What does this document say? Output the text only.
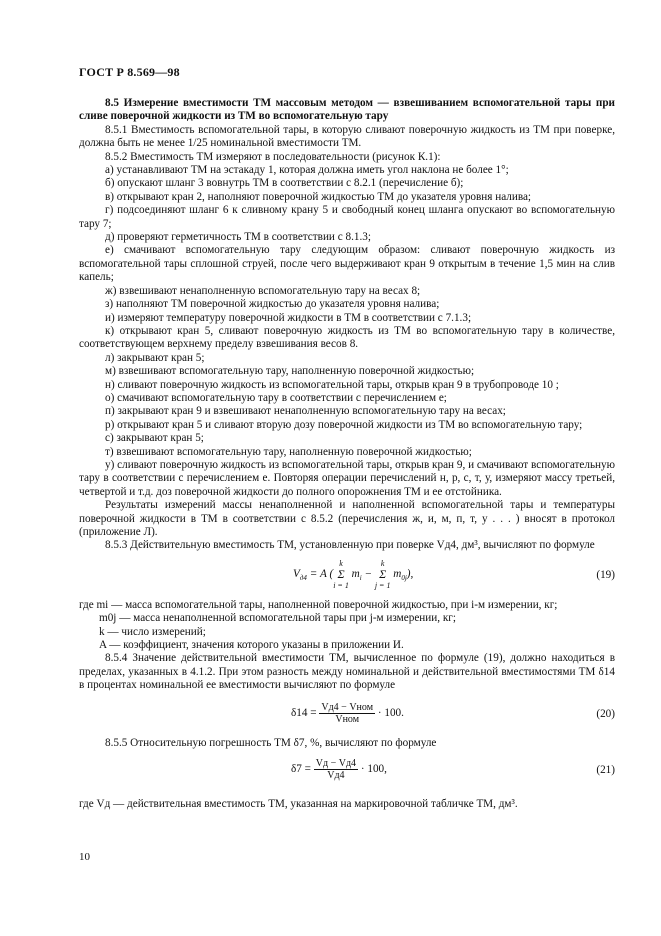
ГОСТ Р 8.569—98

8.5 Измерение вместимости ТМ массовым методом — взвешиванием вспомогательной тары при сливе поверочной жидкости из ТМ во вспомогательную тару

8.5.1 Вместимость вспомогательной тары, в которую сливают поверочную жидкость из ТМ при поверке, должна быть не менее 1/25 номинальной вместимости ТМ.

8.5.2 Вместимость ТМ измеряют в последовательности (рисунок К.1):

а) устанавливают ТМ на эстакаду 1, которая должна иметь угол наклона не более 1°;

б) опускают шланг 3 вовнутрь ТМ в соответствии с 8.2.1 (перечисление б);

в) открывают кран 2, наполняют поверочной жидкостью ТМ до указателя уровня налива;

г) подсоединяют шланг 6 к сливному крану 5 и свободный конец шланга опускают во вспомогательную тару 7;

д) проверяют герметичность ТМ в соответствии с 8.1.3;

е) смачивают вспомогательную тару следующим образом: сливают поверочную жидкость из вспомогательной тары сплошной струей, после чего выдерживают кран 9 открытым в течение 1,5 мин на слив капель;

ж) взвешивают ненаполненную вспомогательную тару на весах 8;

з) наполняют ТМ поверочной жидкостью до указателя уровня налива;

и) измеряют температуру поверочной жидкости в ТМ в соответствии с 7.1.3;

к) открывают кран 5, сливают поверочную жидкость из ТМ во вспомогательную тару в количестве, соответствующем верхнему пределу взвешивания весов 8.

л) закрывают кран 5;

м) взвешивают вспомогательную тару, наполненную поверочной жидкостью;

н) сливают поверочную жидкость из вспомогательной тары, открыв кран 9 в трубопроводе 10 ;

о) смачивают вспомогательную тару в соответствии с перечислением е;

п) закрывают кран 9 и взвешивают ненаполненную вспомогательную тару на весах;

р) открывают кран 5 и сливают вторую дозу поверочной жидкости из ТМ во вспомогательную тару;

с) закрывают кран 5;

т) взвешивают вспомогательную тару, наполненную поверочной жидкостью;

у) сливают поверочную жидкость из вспомогательной тары, открыв кран 9, и смачивают вспомогательную тару в соответствии с перечислением е. Повторяя операции перечислений н, р, с, т, у, измеряют массу третьей, четвертой и т.д. доз поверочной жидкости до полного опорожнения ТМ и ее отстойника.

Результаты измерений массы ненаполненной и наполненной вспомогательной тары и температуры поверочной жидкости в ТМ в соответствии с 8.5.2 (перечисления ж, и, м, п, т, у . . . ) вносят в протокол (приложение Л).

8.5.3 Действительную вместимость ТМ, установленную при поверке Vд4, дм³, вычисляют по формуле

$V_{д4} = A$ (
k
Σ
i = 1
$m_i$ −
k
Σ
j = 1
$m_{0j}$),	(19)

где mi — масса вспомогательной тары, наполненной поверочной жидкостью, при i-м измерении, кг;

m0j — масса ненаполненной вспомогательной тары при j-м измерении, кг;

k — число измерений;

A — коэффициент, значения которого указаны в приложении И.

8.5.4 Значение действительной вместимости ТМ, вычисленное по формуле (19), должно находиться в пределах, указанных в 4.1.2. При этом разность между номинальной и действительной вместимостями ТМ δ14 в процентах номинальной ее вместимости вычисляют по формуле

$\delta 14 = \frac{\text{Vд4 − Vном}}{\text{Vном}} \cdot 100$.	(20)

8.5.5 Относительную погрешность ТМ δ7, %, вычисляют по формуле

$\delta 7 = \frac{Vд - Vд4}{Vд4} \cdot 100$,	(21)

где Vд — действительная вместимость ТМ, указанная на маркировочной табличке ТМ, дм³.

10
